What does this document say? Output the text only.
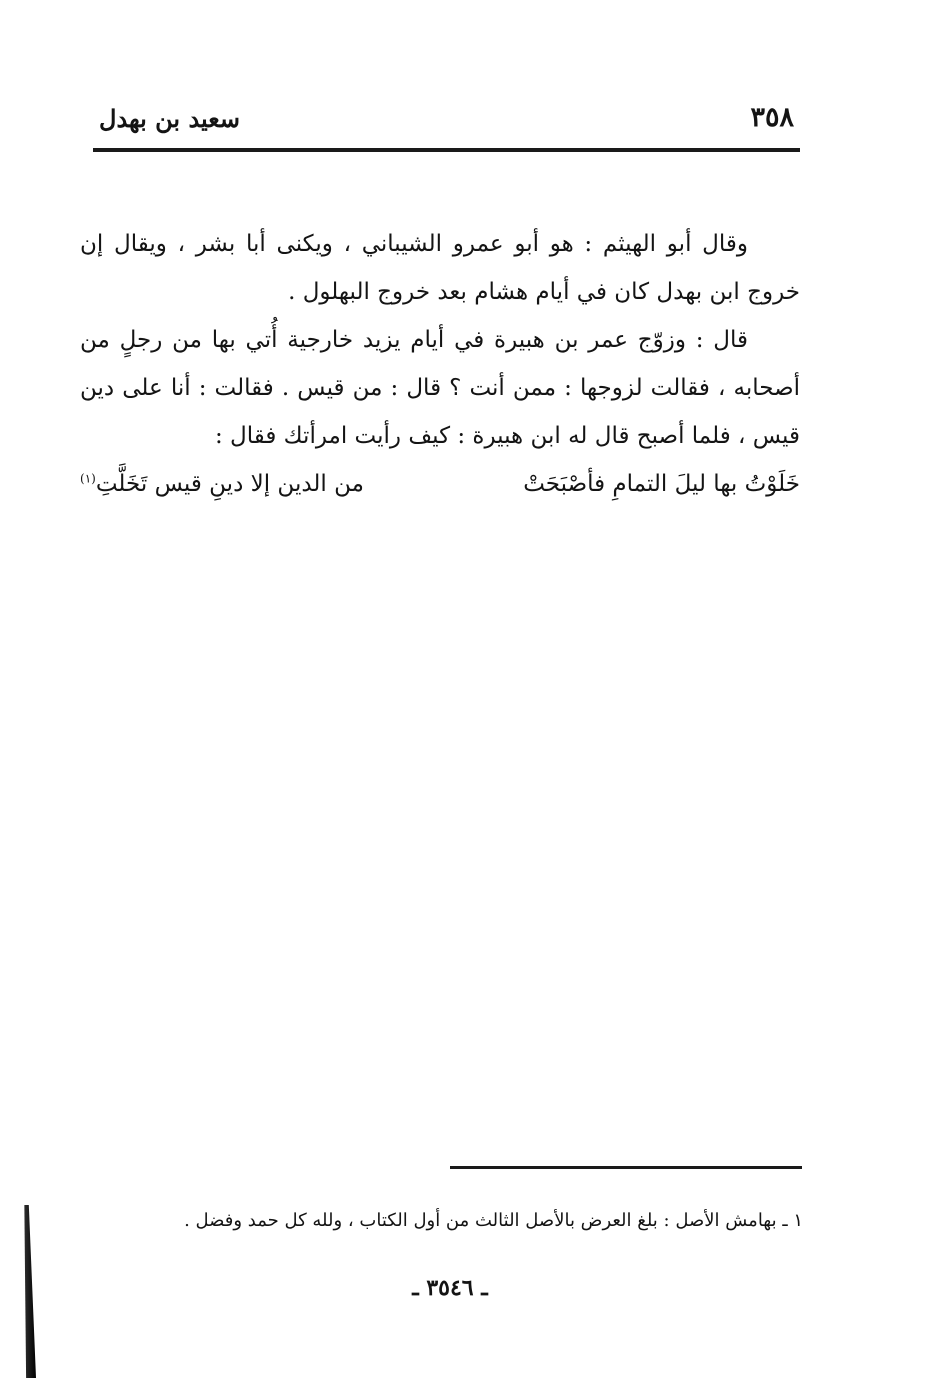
٣٥٨
سعيد بن بهدل

وقال أبو الهيثم : هو أبو عمرو الشيباني ، ويكنى أبا بشر ، ويقال إن خروج ابن بهدل كان في أيام هشام بعد خروج البهلول .

قال : وزوّج عمر بن هبيرة في أيام يزيد خارجية أُتي بها من رجلٍ من أصحابه ، فقالت لزوجها : ممن أنت ؟ قال : من قيس . فقالت : أنا على دين قيس ، فلما أصبح قال له ابن هبيرة : كيف رأيت امرأتك فقال :

خَلَوْتُ بها ليلَ التمامِ فأصْبَحَتْ
من الدين إلا دينِ قيس تَخَلَّتِ$^{(١)}$
١ ـ بهامش الأصل : بلغ العرض بالأصل الثالث من أول الكتاب ، ولله كل حمد وفضل .
ـ ٣٥٤٦ ـ
